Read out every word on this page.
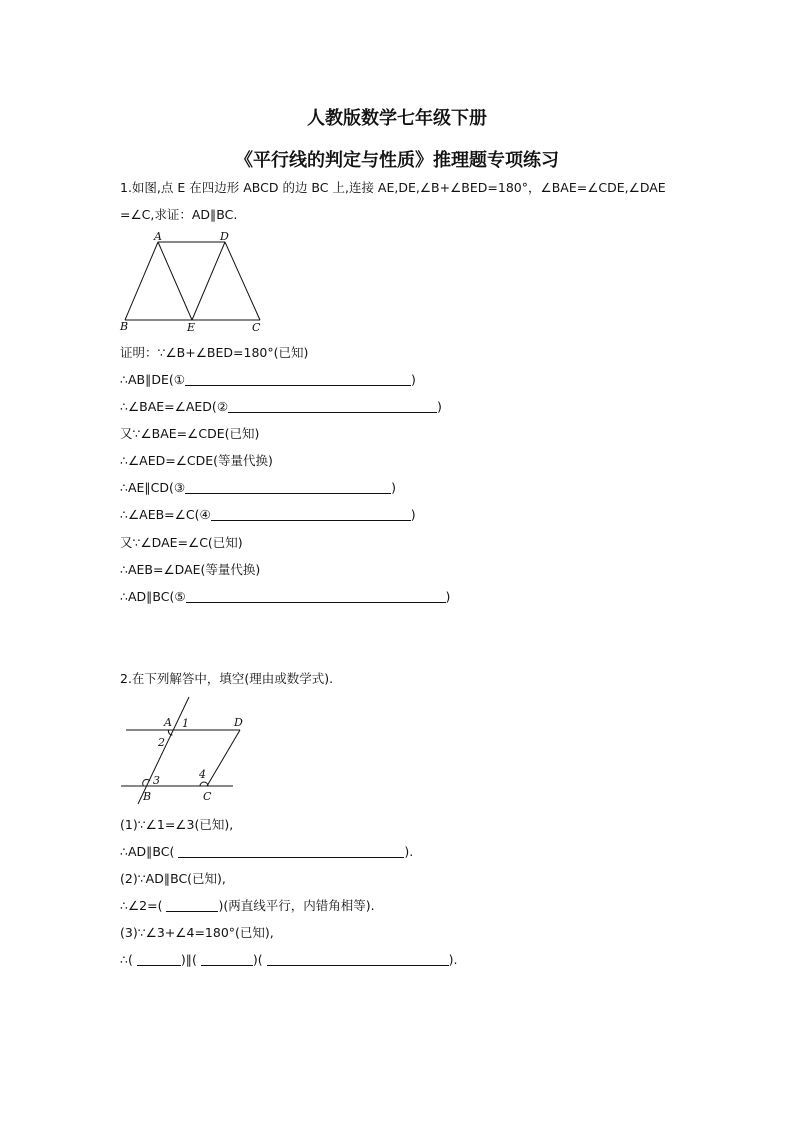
人教版数学七年级下册
《平行线的判定与性质》推理题专项练习
1.如图,点 E 在四边形 ABCD 的边 BC 上,连接 AE,DE,∠B+∠BED=180°，∠BAE=∠CDE,∠DAE
=∠C,求证：AD∥BC.
A	D
B	E	C
证明：∵∠B+∠BED=180°(已知)
∴AB∥DE(①	)
∴∠BAE=∠AED(②	)
又∵∠BAE=∠CDE(已知)
∴∠AED=∠CDE(等量代换)
∴AE∥CD(③	)
∴∠AEB=∠C(④	)
又∵∠DAE=∠C(已知)
∴AEB=∠DAE(等量代换)
∴AD∥BC(⑤	)
2.在下列解答中，填空(理由或数学式).
A 1	D
2
3	4
B	C
(1)∵∠1=∠3(已知),
∴AD∥BC(	).
(2)∵AD∥BC(已知),
∴∠2=(	)(两直线平行，内错角相等).
(3)∵∠3+∠4=180°(已知),
∴(	)∥(	)(	).
